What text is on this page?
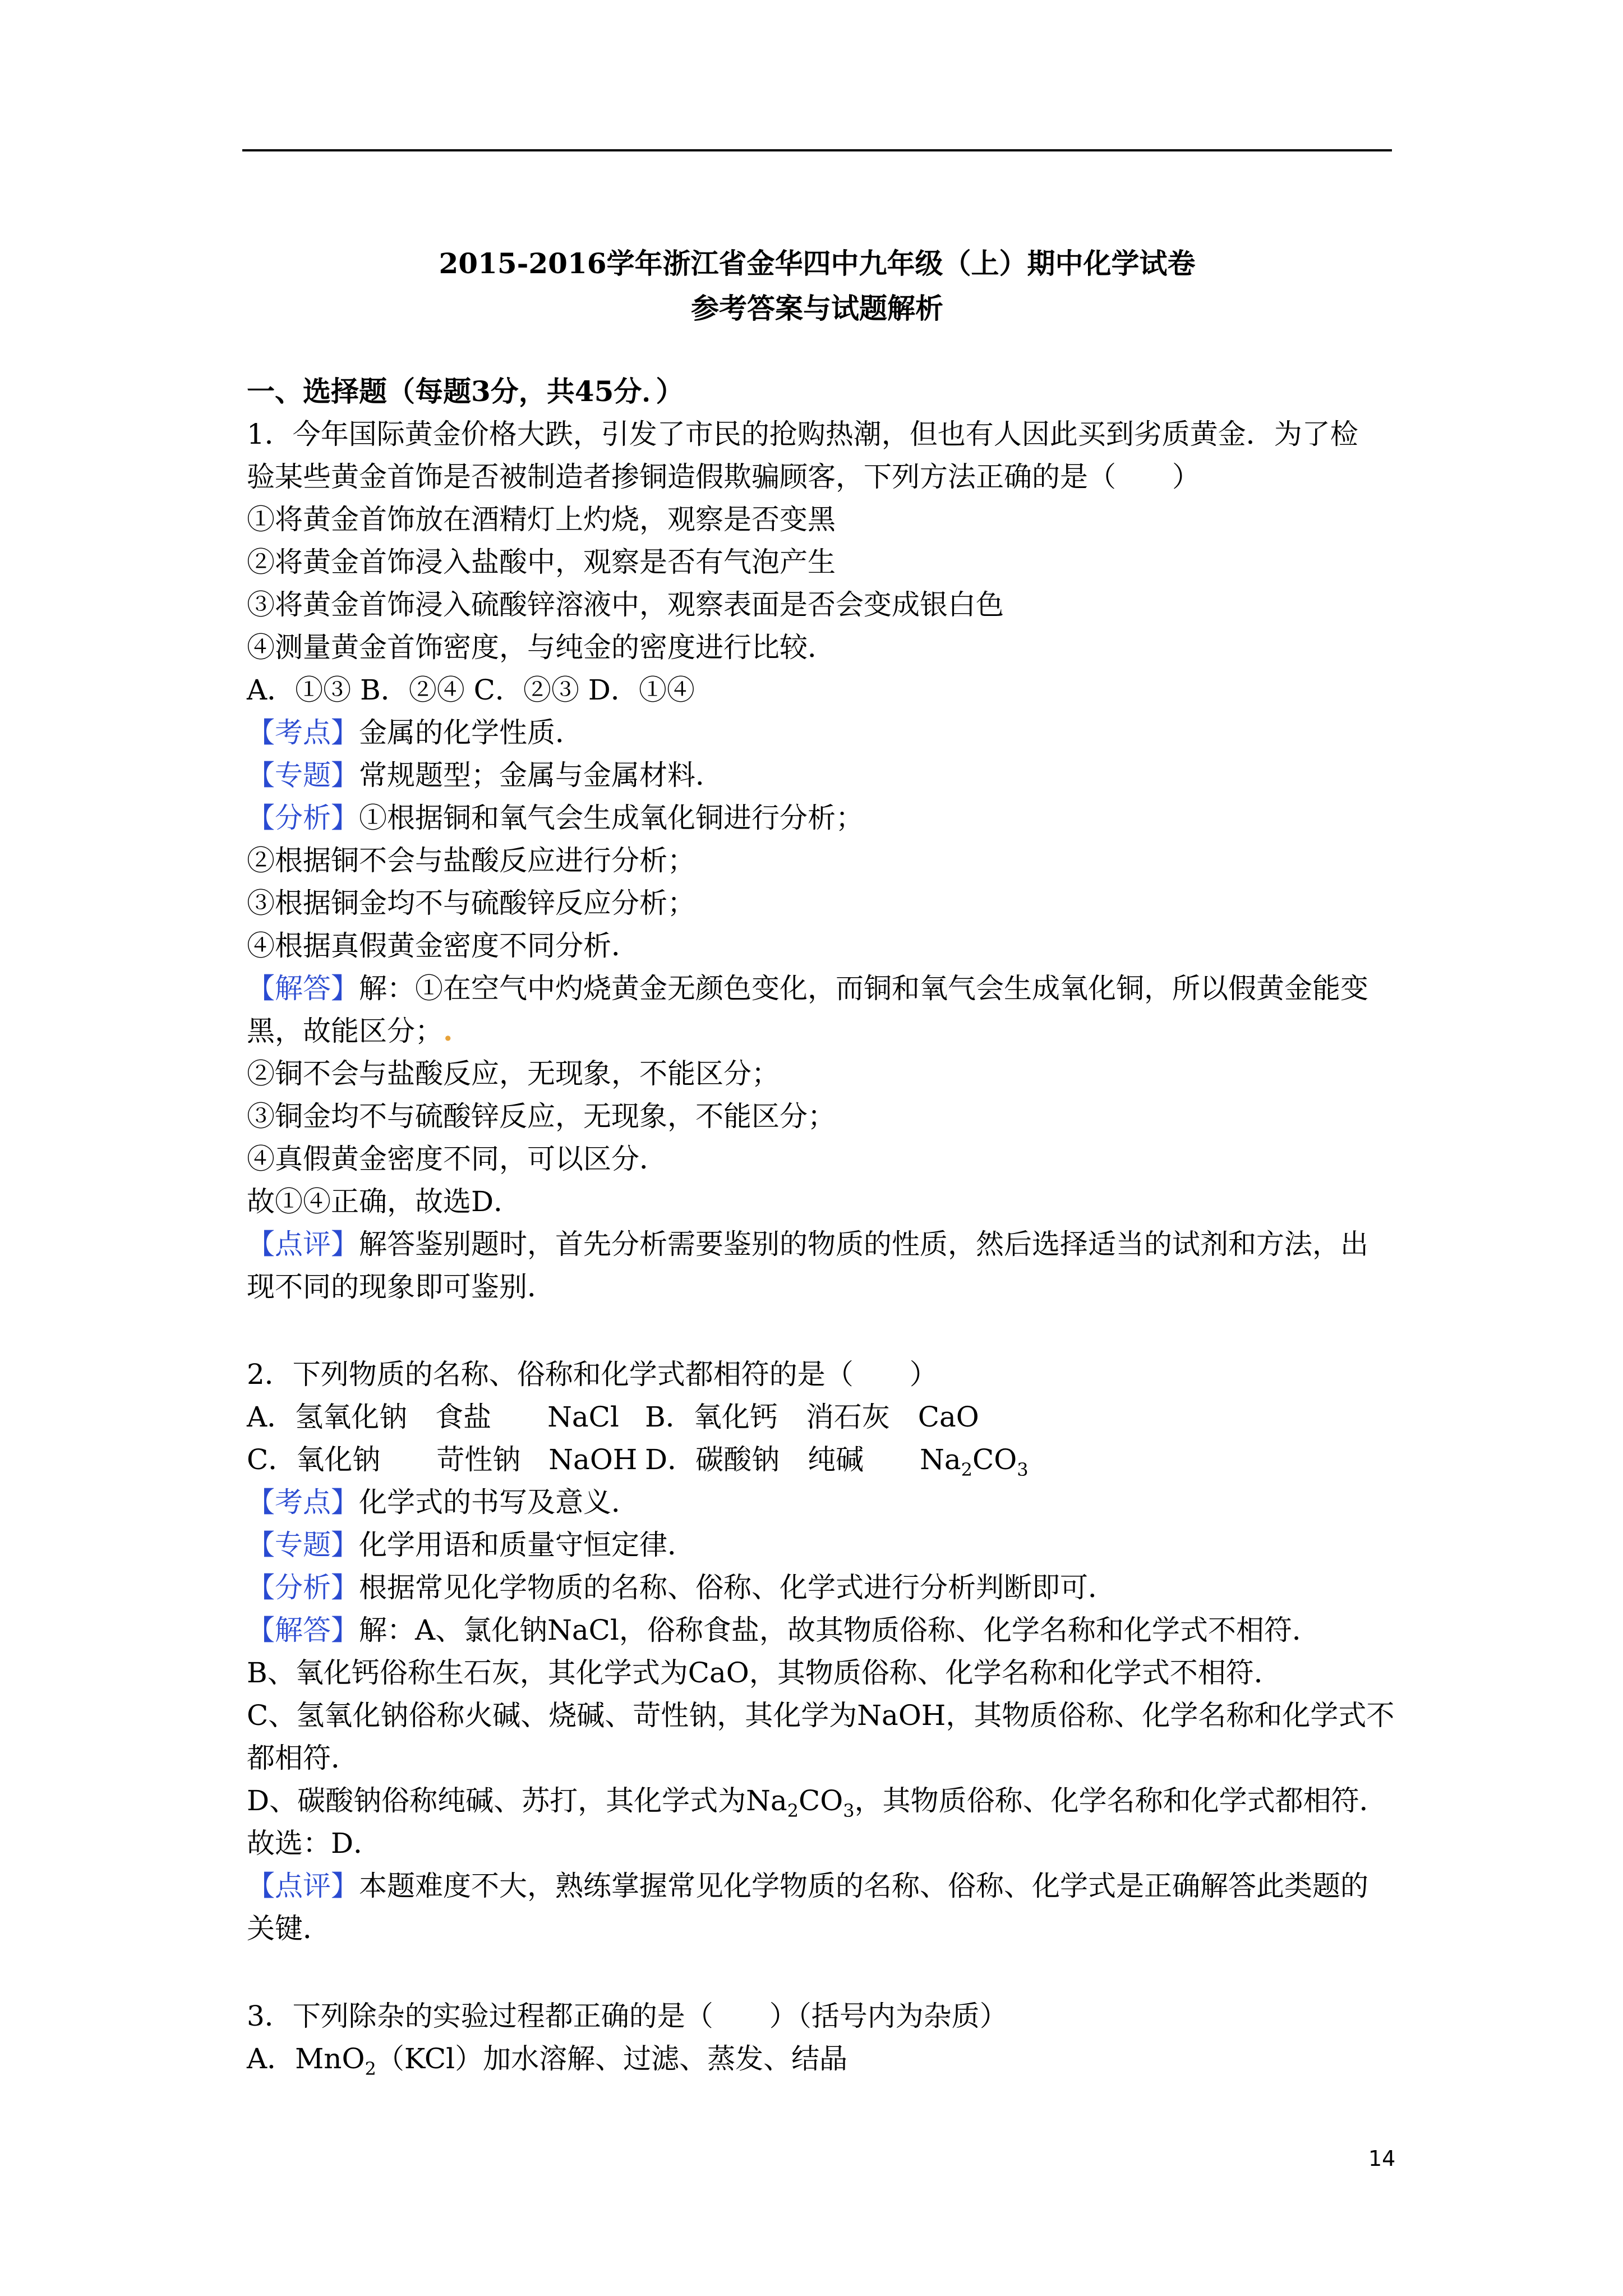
2015-2016学年浙江省金华四中九年级（上）期中化学试卷
参考答案与试题解析
一、选择题（每题3分，共45分．）
1．今年国际黄金价格大跌，引发了市民的抢购热潮，但也有人因此买到劣质黄金．为了检
验某些黄金首饰是否被制造者掺铜造假欺骗顾客，下列方法正确的是（　　）
①将黄金首饰放在酒精灯上灼烧，观察是否变黑
②将黄金首饰浸入盐酸中，观察是否有气泡产生
③将黄金首饰浸入硫酸锌溶液中，观察表面是否会变成银白色
④测量黄金首饰密度，与纯金的密度进行比较．
A．①③ B．②④ C．②③ D．①④
【考点】金属的化学性质．
【专题】常规题型；金属与金属材料．
【分析】①根据铜和氧气会生成氧化铜进行分析；
②根据铜不会与盐酸反应进行分析；
③根据铜金均不与硫酸锌反应分析；
④根据真假黄金密度不同分析．
【解答】解：①在空气中灼烧黄金无颜色变化，而铜和氧气会生成氧化铜，所以假黄金能变
黑，故能区分；.
②铜不会与盐酸反应，无现象，不能区分；
③铜金均不与硫酸锌反应，无现象，不能区分；
④真假黄金密度不同，可以区分．
故①④正确，故选D．
【点评】解答鉴别题时，首先分析需要鉴别的物质的性质，然后选择适当的试剂和方法，出
现不同的现象即可鉴别．
2．下列物质的名称、俗称和化学式都相符的是（　　）
A．氢氧化钠　食盐　　NaCl B．氧化钙　消石灰　CaO
C．氧化钠　　苛性钠　NaOH D．碳酸钠　纯碱　　$Na_2CO_3$
【考点】化学式的书写及意义．
【专题】化学用语和质量守恒定律．
【分析】根据常见化学物质的名称、俗称、化学式进行分析判断即可．
【解答】解：A、氯化钠NaCl，俗称食盐，故其物质俗称、化学名称和化学式不相符．
B、氧化钙俗称生石灰，其化学式为CaO，其物质俗称、化学名称和化学式不相符．
C、氢氧化钠俗称火碱、烧碱、苛性钠，其化学为NaOH，其物质俗称、化学名称和化学式不
都相符．
D、碳酸钠俗称纯碱、苏打，其化学式为$Na_2CO_3$，其物质俗称、化学名称和化学式都相符．
故选：D．
【点评】本题难度不大，熟练掌握常见化学物质的名称、俗称、化学式是正确解答此类题的
关键．
3．下列除杂的实验过程都正确的是（　　）（括号内为杂质）
A．MnO$_2$（KCl）加水溶解、过滤、蒸发、结晶
14
